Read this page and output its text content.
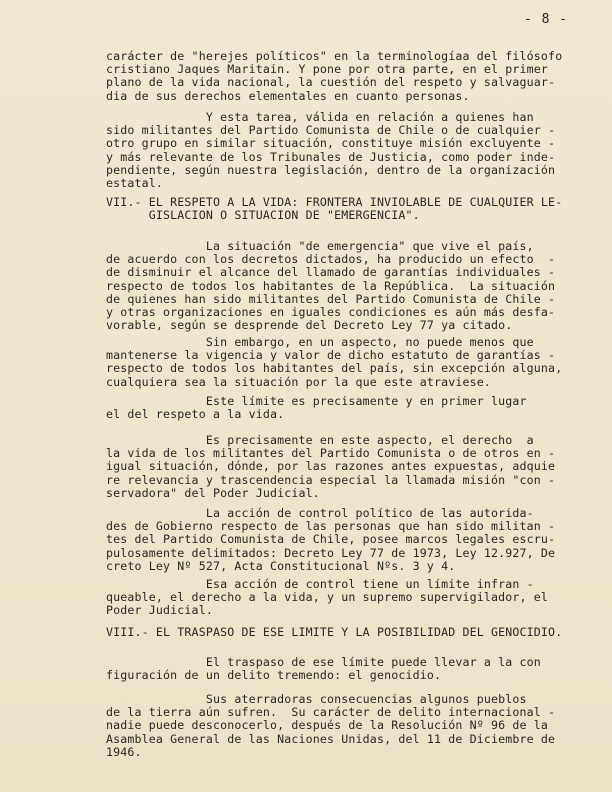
- 8 -
carácter de "herejes políticos" en la terminologíaa del filósofo
cristiano Jaques Maritain. Y pone por otra parte, en el primer
plano de la vida nacional, la cuestión del respeto y salvaguar-
dia de sus derechos elementales en cuanto personas.
Y esta tarea, válida en relación a quienes han
sido militantes del Partido Comunista de Chile o de cualquier -
otro grupo en similar situación, constituye misión excluyente -
y más relevante de los Tribunales de Justicia, como poder inde-
pendiente, según nuestra legislación, dentro de la organización
estatal.
VII.- EL RESPETO A LA VIDA: FRONTERA INVIOLABLE DE CUALQUIER LE-
GISLACION O SITUACION DE "EMERGENCIA".
La situación "de emergencia" que vive el país,
de acuerdo con los decretos dictados, ha producido un efecto  -
de disminuir el alcance del llamado de garantías individuales -
respecto de todos los habitantes de la República.  La situación
de quienes han sido militantes del Partido Comunista de Chile -
y otras organizaciones en iguales condiciones es aún más desfa-
vorable, según se desprende del Decreto Ley 77 ya citado.
Sin embargo, en un aspecto, no puede menos que
mantenerse la vigencia y valor de dicho estatuto de garantías -
respecto de todos los habitantes del país, sin excepción alguna,
cualquiera sea la situación por la que este atraviese.
Este límite es precisamente y en primer lugar
el del respeto a la vida.
Es precisamente en este aspecto, el derecho  a
la vida de los militantes del Partido Comunista o de otros en -
igual situación, dónde, por las razones antes expuestas, adquie
re relevancia y trascendencia especial la llamada misión "con -
servadora" del Poder Judicial.
La acción de control político de las autorida-
des de Gobierno respecto de las personas que han sido militan -
tes del Partido Comunista de Chile, posee marcos legales escru-
pulosamente delimitados: Decreto Ley 77 de 1973, Ley 12.927, De
creto Ley Nº 527, Acta Constitucional Nºs. 3 y 4.
Esa acción de control tiene un límite infran -
queable, el derecho a la vida, y un supremo supervigilador, el
Poder Judicial.
VIII.- EL TRASPASO DE ESE LIMITE Y LA POSIBILIDAD DEL GENOCIDIO.
El traspaso de ese límite puede llevar a la con
figuración de un delito tremendo: el genocidio.
Sus aterradoras consecuencias algunos pueblos
de la tierra aún sufren.  Su carácter de delito internacional -
nadie puede desconocerlo, después de la Resolución Nº 96 de la
Asamblea General de las Naciones Unidas, del 11 de Diciembre de
1946.
